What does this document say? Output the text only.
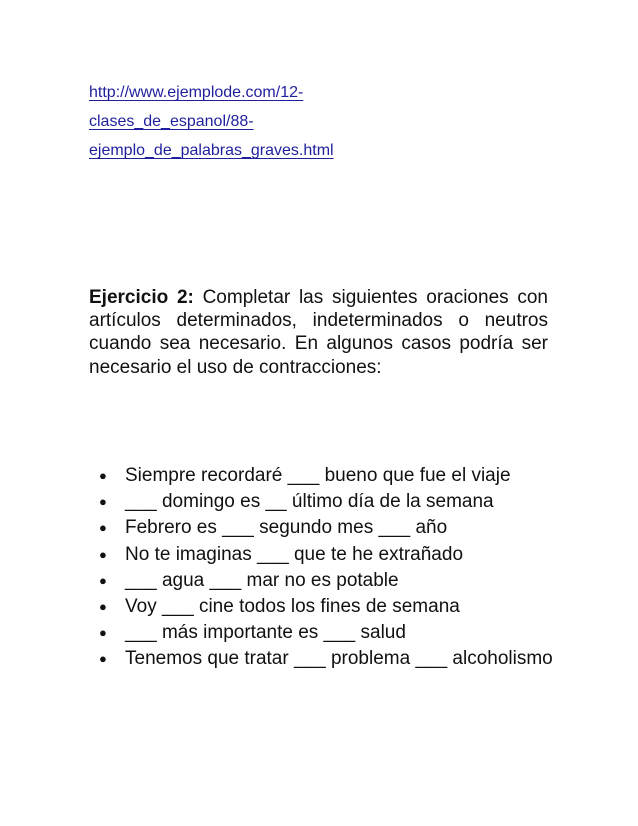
http://www.ejemplode.com/12-
clases_de_espanol/88-
ejemplo_de_palabras_graves.html
Ejercicio 2: Completar las siguientes oraciones con artículos determinados, indeterminados o neutros cuando sea necesario. En algunos casos podría ser necesario el uso de contracciones:
● Siempre recordaré ___ bueno que fue el viaje
● ___ domingo es __ último día de la semana
● Febrero es ___ segundo mes ___ año
● No te imaginas ___ que te he extrañado
● ___ agua ___ mar no es potable
● Voy ___ cine todos los fines de semana
● ___ más importante es ___ salud
● Tenemos que tratar ___ problema ___ alcoholismo
